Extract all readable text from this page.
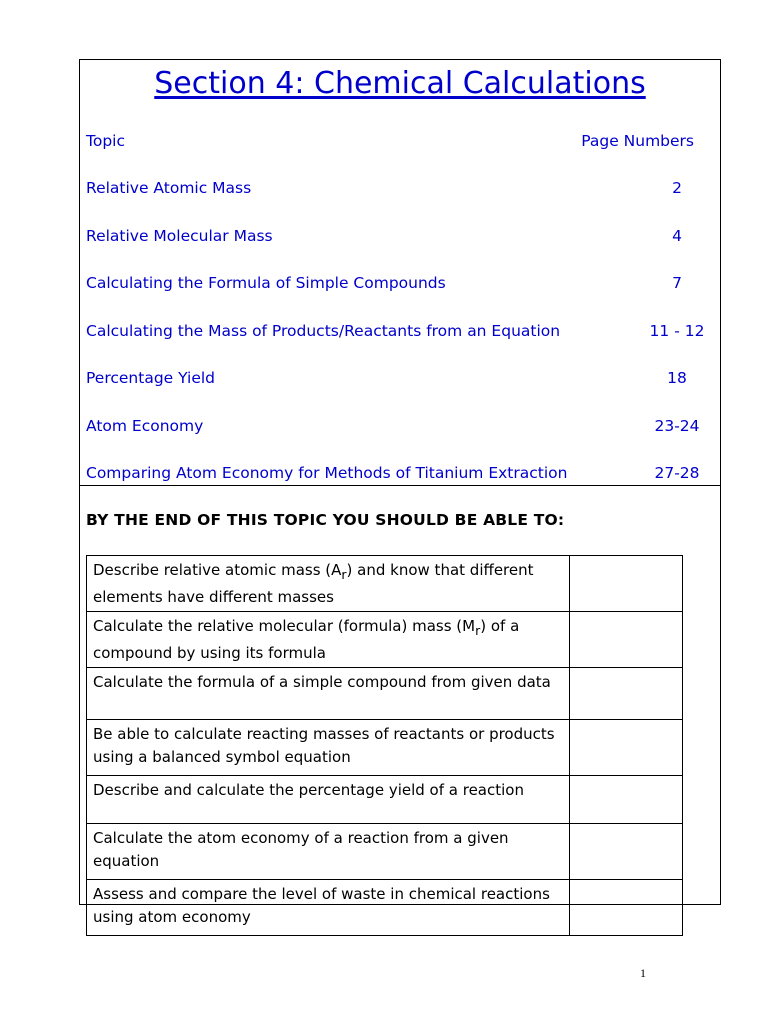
Section 4: Chemical Calculations
Topic	Page Numbers
Relative Atomic Mass	2
Relative Molecular Mass	4
Calculating the Formula of Simple Compounds	7
Calculating the Mass of Products/Reactants from an Equation	11 - 12
Percentage Yield	18
Atom Economy	23-24
Comparing Atom Economy for Methods of Titanium Extraction	27-28
BY THE END OF THIS TOPIC YOU SHOULD BE ABLE TO:
Describe relative atomic mass $(A_r)$ and know that different elements have different masses	
Calculate the relative molecular (formula) mass $(M_r)$ of a compound by using its formula	
Calculate the formula of a simple compound from given data	
Be able to calculate reacting masses of reactants or products using a balanced symbol equation	
Describe and calculate the percentage yield of a reaction	
Calculate the atom economy of a reaction from a given equation	
Assess and compare the level of waste in chemical reactions using atom economy	
1
